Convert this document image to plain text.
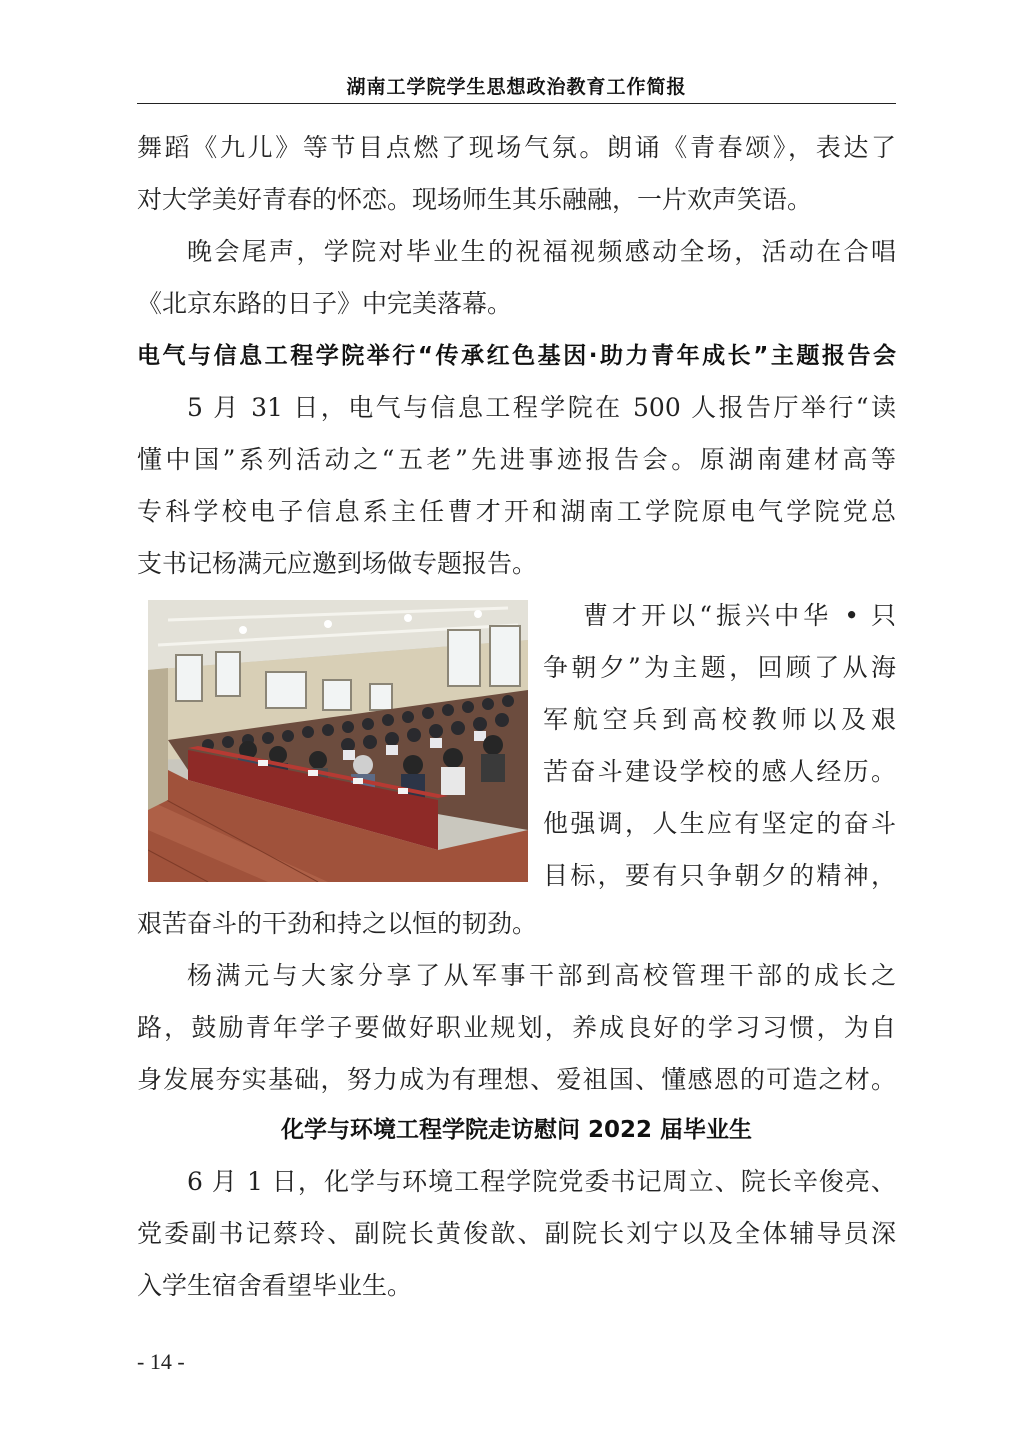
湖南工学院学生思想政治教育工作简报
舞蹈《九儿》等节目点燃了现场气氛。朗诵《青春颂》，表达了
对大学美好青春的怀恋。现场师生其乐融融，一片欢声笑语。
晚会尾声，学院对毕业生的祝福视频感动全场，活动在合唱
《北京东路的日子》中完美落幕。
电气与信息工程学院举行“传承红色基因·助力青年成长”主题报告会
5 月 31 日，电气与信息工程学院在 500 人报告厅举行“读
懂中国”系列活动之“五老”先进事迹报告会。原湖南建材高等
专科学校电子信息系主任曹才开和湖南工学院原电气学院党总
支书记杨满元应邀到场做专题报告。
曹才开以“振兴中华 • 只
争朝夕”为主题，回顾了从海
军航空兵到高校教师以及艰
苦奋斗建设学校的感人经历。
他强调，人生应有坚定的奋斗
目标，要有只争朝夕的精神，
艰苦奋斗的干劲和持之以恒的韧劲。
杨满元与大家分享了从军事干部到高校管理干部的成长之
路，鼓励青年学子要做好职业规划，养成良好的学习习惯，为自
身发展夯实基础，努力成为有理想、爱祖国、懂感恩的可造之材。
化学与环境工程学院走访慰问 2022 届毕业生
6 月 1 日，化学与环境工程学院党委书记周立、院长辛俊亮、
党委副书记蔡玲、副院长黄俊歆、副院长刘宁以及全体辅导员深
入学生宿舍看望毕业生。
- 14 -
